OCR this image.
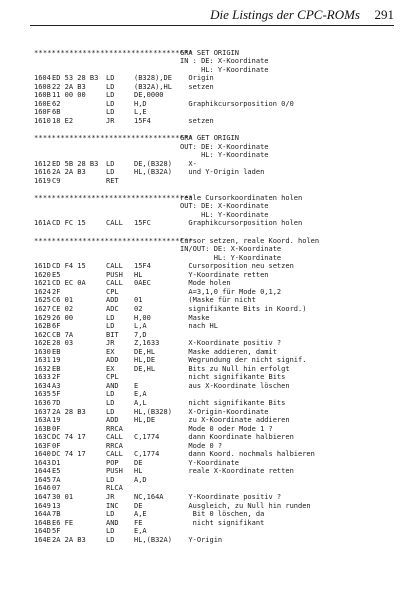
Die Listings der CPC-ROMs 291
************************************
GRA SET ORIGIN
IN : DE: X-Koordinate
HL: Y-Koordinate
1604 ED 53 28 B3 LD	(B328),DE Origin
1608 22 2A B3	LD	(B32A),HL setzen
160B 11 00 00	LD	DE,0000
160E 62	LD	H,D	Graphikcursorposition 0/0
160F 6B	LD	L,E
1610 18 E2	JR	15F4	setzen
************************************
GRA GET ORIGIN
OUT: DE: X-Koordinate
HL: Y-Koordinate
1612 ED 5B 28 B3 LD	DE,(B328) X-
1616 2A 2A B3	LD	HL,(B32A) und Y-Origin laden
1619 C9	RET
************************************
reale Cursorkoordinaten holen
OUT: DE: X-Koordinate
HL: Y-Koordinate
161A CD FC 15	CALL 15FC	Graphikcursorposition holen
************************************
Cursor setzen, reale Koord. holen
IN/OUT: DE: X-Koordinate
HL: Y-Koordinate
161D CD F4 15	CALL 15F4	Cursorposition neu setzen
1620 E5	PUSH HL	Y-Koordinate retten
1621 CD EC 0A	CALL 0AEC	Mode holen
1624 2F	CPL	A=3,1,0 für Mode 0,1,2
1625 C6 01	ADD 01	(Maske für nicht
1627 CE 02	ADC 02	signifikante Bits in Koord.)
1629 26 00	LD	H,00	Maske
162B 6F	LD	L,A	nach HL
162C CB 7A	BIT 7,D
162E 28 03	JR	Z,1633	X-Koordinate positiv ?
1630 EB	EX	DE,HL	Maske addieren, damit
1631 19	ADD HL,DE	Wegrundung der nicht signif.
1632 EB	EX	DE,HL	Bits zu Null hin erfolgt
1633 2F	CPL	nicht signifikante Bits
1634 A3	AND E	aus X-Koordinate löschen
1635 5F	LD	E,A
1636 7D	LD	A,L	nicht signifikante Bits
1637 2A 28 B3	LD	HL,(B328) X-Origin-Koordinate
163A 19	ADD HL,DE	zu X-Koordinate addieren
163B 0F	RRCA	Mode 0 oder Mode 1 ?
163C DC 74 17	CALL C,1774	dann Koordinate halbieren
163F 0F	RRCA	Mode 0 ?
1640 DC 74 17	CALL C,1774	dann Koord. nochmals halbieren
1643 D1	POP DE	Y-Koordinate
1644 E5	PUSH HL	reale X-Koordinate retten
1645 7A	LD	A,D
1646 07	RLCA
1647 30 01	JR	NC,164A Y-Koordinate positiv ?
1649 13	INC DE	Ausgleich, zu Null hin runden
164A 7B	LD	A,E	Bit 0 löschen, da
164B E6 FE	AND FE	nicht signifikant
164D 5F	LD	E,A
164E 2A 2A B3	LD	HL,(B32A) Y-Origin
